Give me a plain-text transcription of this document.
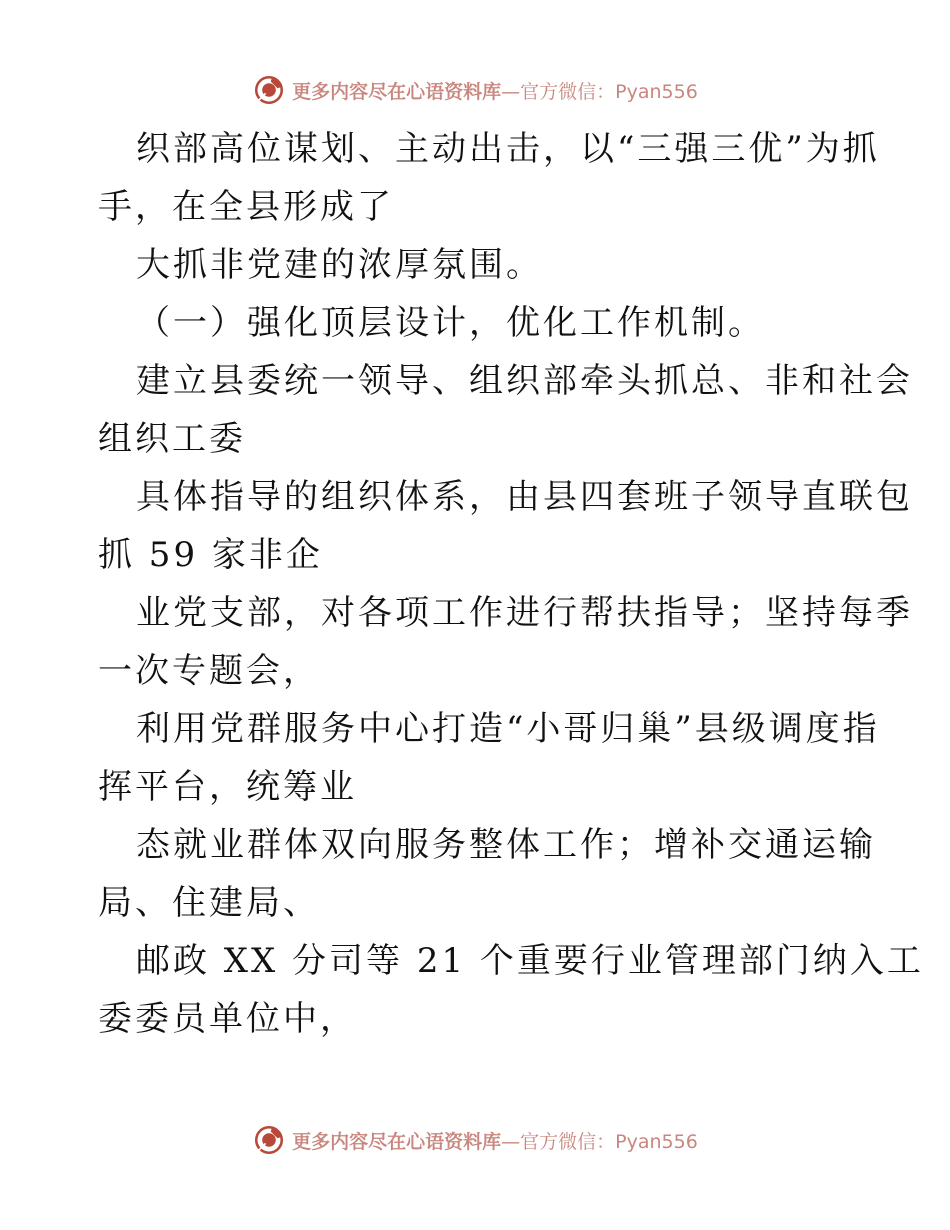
更多内容尽在心语资料库—官方微信：Pyan556
织部高位谋划、主动出击，以“三强三优”为抓
手，在全县形成了
大抓非党建的浓厚氛围。
（一）强化顶层设计，优化工作机制。
建立县委统一领导、组织部牵头抓总、非和社会
组织工委
具体指导的组织体系，由县四套班子领导直联包
抓 59 家非企
业党支部，对各项工作进行帮扶指导；坚持每季
一次专题会，
利用党群服务中心打造“小哥归巢”县级调度指
挥平台，统筹业
态就业群体双向服务整体工作；增补交通运输
局、住建局、
邮政 XX 分司等 21 个重要行业管理部门纳入工
委委员单位中，
更多内容尽在心语资料库—官方微信：Pyan556
